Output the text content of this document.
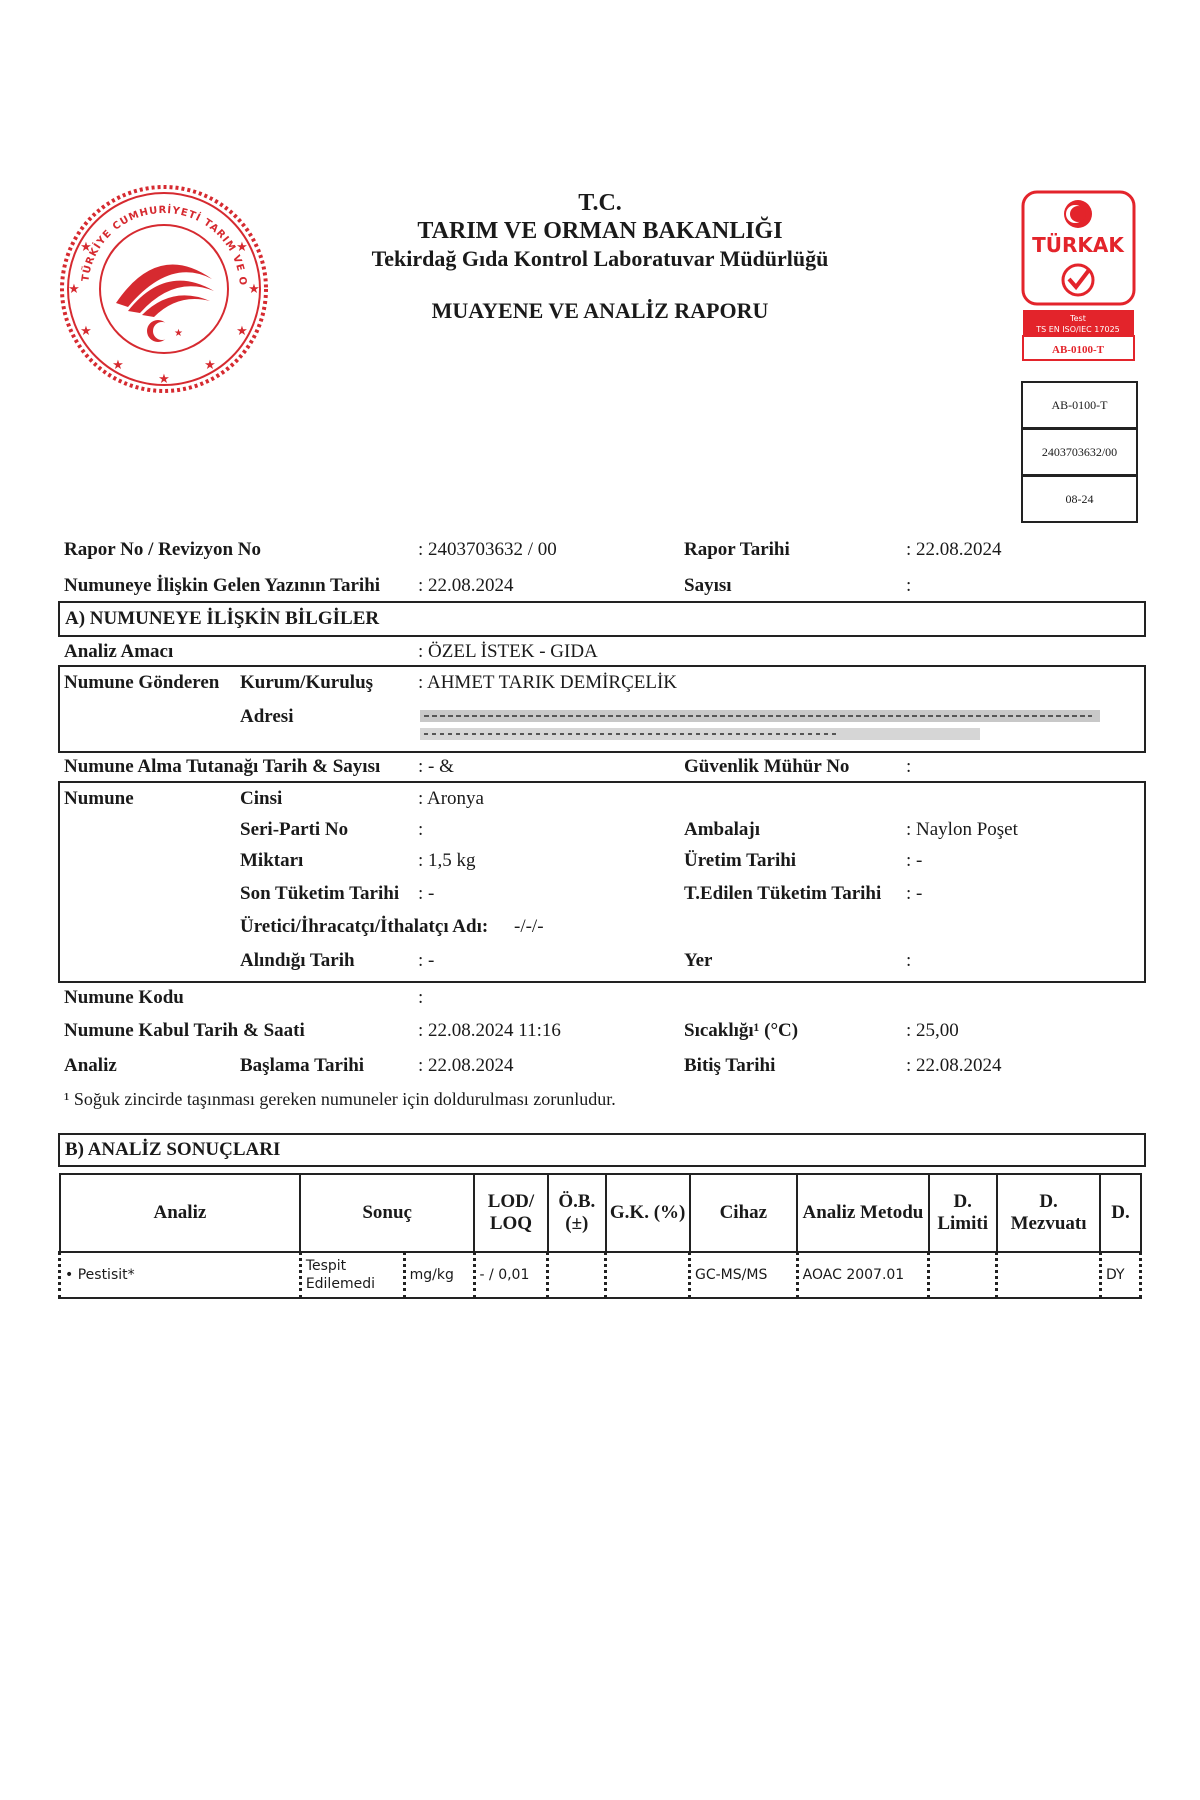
T.C.
TARIM VE ORMAN BAKANLIĞI
Tekirdağ Gıda Kontrol Laboratuvar Müdürlüğü
MUAYENE VE ANALİZ RAPORU
TÜRKİYE CUMHURİYETİ TARIM VE O
★
★	★
★	★
★	★
★	★
★
TÜRKAK
Test
TS EN ISO/IEC 17025
AB-0100-T
AB-0100-T
2403703632/00
08-24
Rapor No / Revizyon No	: 2403703632 / 00	Rapor Tarihi	: 22.08.2024
Numuneye İlişkin Gelen Yazının Tarihi : 22.08.2024	Sayısı	:
A) NUMUNEYE İLİŞKİN BİLGİLER
Analiz Amacı	: ÖZEL İSTEK - GIDA
Numune Gönderen Kurum/Kuruluş : AHMET TARIK DEMİRÇELİK
Adresi
Numune Alma Tutanağı Tarih & Sayısı : - &	Güvenlik Mühür No	:
Numune	Cinsi	: Aronya
Seri-Parti No	:	Ambalajı	: Naylon Poşet
Miktarı	: 1,5 kg	Üretim Tarihi	: -
Son Tüketim Tarihi : -	T.Edilen Tüketim Tarihi : -
Üretici/İhracatçı/İthalatçı Adı: -/-/-
Alındığı Tarih	: -	Yer	:
Numune Kodu	:
Numune Kabul Tarih & Saati	: 22.08.2024 11:16	Sıcaklığı¹ (°C)	: 25,00
Analiz	Başlama Tarihi	: 22.08.2024	Bitiş Tarihi	: 22.08.2024
¹ Soğuk zincirde taşınması gereken numuneler için doldurulması zorunludur.
B) ANALİZ SONUÇLARI
Analiz	Sonuç		LOD/ LOQ	Ö.B. (±)	G.K. (%)	Cihaz	Analiz Metodu	D. Limiti	D. Mezvuatı	D.
• Pestisit*	Tespit Edilemedi	mg/kg	- / 0,01			GC-MS/MS	AOAC 2007.01			DY
